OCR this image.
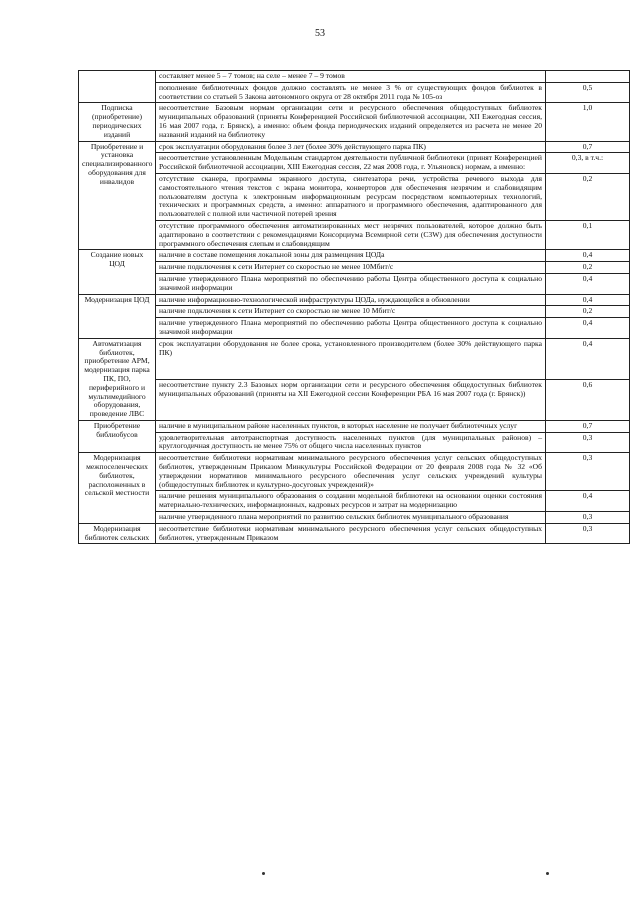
53
	составляет менее 5 – 7 томов; на селе – менее 7 – 9 томов	
	пополнение библиотечных фондов должно составлять не менее 3 % от существующих фондов библиотек в соответствии со статьей 5 Закона автономного округа от 28 октября 2011 года № 105-оз	0,5
Подписка (приобретение) периодических изданий	несоответствие Базовым нормам организации сети и ресурсного обеспечения общедоступных библиотек муниципальных образований (приняты Конференцией Российской библиотечной ассоциации, XII Ежегодная сессия, 16 мая 2007 года, г. Брянск), а именно: объем фонда периодических изданий определяется из расчета не менее 20 названий изданий на библиотеку	1,0
Приобретение и установка специализированного оборудования для инвалидов	срок эксплуатации оборудования более 3 лет (более 30% действующего парка ПК)	0,7
	несоответствие установленным Модельным стандартом деятельности публичной библиотеки (принят Конференцией Российской библиотечной ассоциации, XIII Ежегодная сессия, 22 мая 2008 года, г. Ульяновск) нормам, а именно:	0,3, в т.ч.:
	отсутствие сканера, программы экранного доступа, синтезатора речи, устройства речевого выхода для самостоятельного чтения текстов с экрана монитора, конверторов для обеспечения незрячим и слабовидящим пользователям доступа к электронным информационным ресурсам посредством компьютерных технологий, технических и программных средств, а именно: аппаратного и программного обеспечения, адаптированного для пользователей с полной или частичной потерей зрения	0,2
	отсутствие программного обеспечения автоматизированных мест незрячих пользователей, которое должно быть адаптировано в соответствии с рекомендациями Консорциума Всемирной сети (C3W) для обеспечения доступности программного обеспечения слепым и слабовидящим	0,1
Создание новых ЦОД	наличие в составе помещения локальной зоны для размещения ЦОДа	0,4
	наличие подключения к сети Интернет со скоростью не менее 10Мбит/с	0,2
	наличие утвержденного Плана мероприятий по обеспечению работы Центра общественного доступа к социально значимой информации	0,4
Модернизация ЦОД	наличие информационно-технологической инфраструктуры ЦОДа, нуждающейся в обновлении	0,4
	наличие подключения к сети Интернет со скоростью не менее 10 Мбит/с	0,2
	наличие утвержденного Плана мероприятий по обеспечению работы Центра общественного доступа к социально значимой информации	0,4
Автоматизация библиотек, приобретение АРМ, модернизация парка ПК, ПО, периферийного и мультимедийного оборудования, проведение ЛВС	срок эксплуатации оборудования не более срока, установленного производителем (более 30% действующего парка ПК)	0,4
	несоответствие пункту 2.3 Базовых норм организации сети и ресурсного обеспечения общедоступных библиотек муниципальных образований (приняты на XII Ежегодной сессии Конференции РБА 16 мая 2007 года (г. Брянск))	0,6
Приобретение библиобусов	наличие в муниципальном районе населенных пунктов, в которых население не получает библиотечных услуг	0,7
	удовлетворительная автотранспортная доступность населенных пунктов (для муниципальных районов) – круглогодичная доступность не менее 75% от общего числа населенных пунктов	0,3
Модернизация межпоселенческих библиотек, расположенных в сельской местности	несоответствие библиотеки нормативам минимального ресурсного обеспечения услуг сельских общедоступных библиотек, утвержденным Приказом Минкультуры Российской Федерации от 20 февраля 2008 года № 32 «Об утверждении нормативов минимального ресурсного обеспечения услуг сельских учреждений культуры (общедоступных библиотек и культурно-досуговых учреждений)»	0,3
	наличие решения муниципального образования о создании модельной библиотеки на основании оценки состояния материально-технических, информационных, кадровых ресурсов и затрат на модернизацию	0,4
	наличие утвержденного плана мероприятий по развитию сельских библиотек муниципального образования	0,3
Модернизация библиотек сельских	несоответствие библиотеки нормативам минимального ресурсного обеспечения услуг сельских общедоступных библиотек, утвержденным Приказом	0,3
